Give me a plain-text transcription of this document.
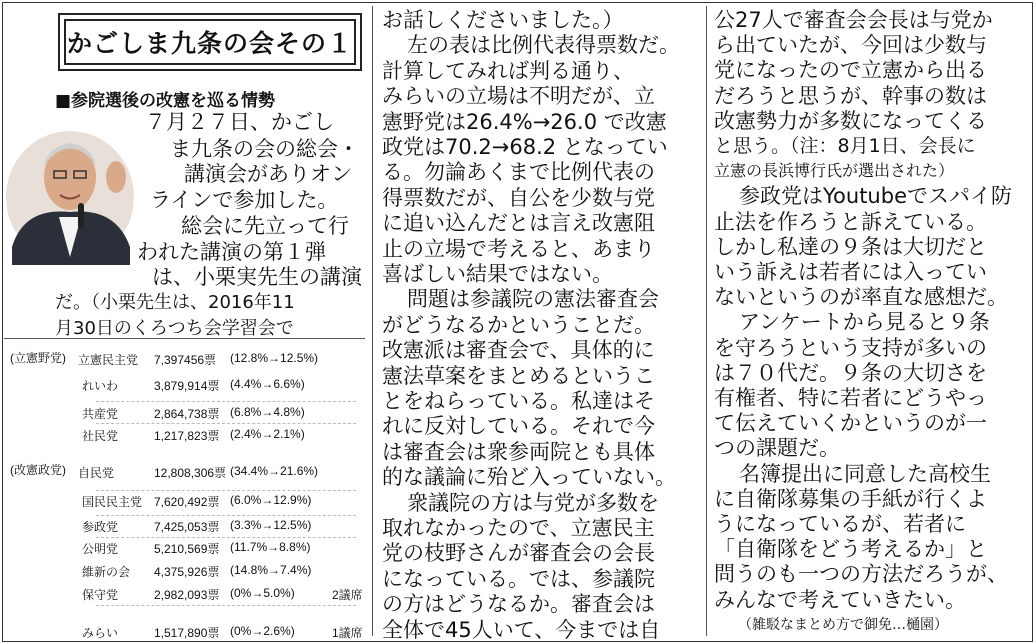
かごしま九条の会その１
■参院選後の改憲を巡る情勢
７月２７日、かごし
ま九条の会の総会・
講演会がありオン
ラインで参加した。
総会に先立って行
われた講演の第１弾
は、小栗実先生の講演
だ。（小栗先生は、2016年11
月30日のくろつち会学習会で
お話しくださいました。）
左の表は比例代表得票数だ。
計算してみれば判る通り、
みらいの立場は不明だが、立
憲野党は26.4%→26.0 で改憲
政党は70.2→68.2 となってい
る。勿論あくまで比例代表の
得票数だが、自公を少数与党
に追い込んだとは言え改憲阻
止の立場で考えると、あまり
喜ばしい結果ではない。
問題は参議院の憲法審査会
がどうなるかということだ。
改憲派は審査会で、具体的に
憲法草案をまとめるというこ
とをねらっている。私達はそ
れに反対している。それで今
は審査会は衆参両院とも具体
的な議論に殆ど入っていない。
衆議院の方は与党が多数を
取れなかったので、立憲民主
党の枝野さんが審査会の会長
になっている。では、参議院
の方はどうなるか。審査会は
全体で45人いて、今までは自
公27人で審査会会長は与党か
ら出ていたが、今回は少数与
党になったので立憲から出る
だろうと思うが、幹事の数は
改憲勢力が多数になってくる
と思う。（注：8月1日、会長に
立憲の長浜博行氏が選出された）
参政党はYoutubeでスパイ防
止法を作ろうと訴えている。
しかし私達の９条は大切だと
いう訴えは若者には入ってい
ないというのが率直な感想だ。
アンケートから見ると９条
を守ろうという支持が多いの
は７０代だ。９条の大切さを
有権者、特に若者にどうやっ
て伝えていくかというのが一
つの課題だ。
名簿提出に同意した高校生
に自衛隊募集の手紙が行くよ
うになっているが、若者に
「自衛隊をどう考えるか」と
問うのも一つの方法だろうが、
みんなで考えていきたい。
（雑駁なまとめ方で御免…樋園）
(立憲野党)
(改憲政党)
立憲民主党 7,397456票 (12.8%→12.5%)
れいわ	3,879,914票 (4.4%→6.6%)
共産党	2,864,738票 (6.8%→4.8%)
社民党	1,217,823票 (2.4%→2.1%)
自民党	12,808,306票 (34.4%→21.6%)
国民民主党 7,620,492票 (6.0%→12.9%)
参政党	7,425,053票 (3.3%→12.5%)
公明党	5,210,569票 (11.7%→8.8%)
維新の会 4,375,926票 (14.8%→7.4%)
保守党	2,982,093票 (0%→5.0%)	2議席
みらい	1,517,890票 (0%→2.6%)	1議席
